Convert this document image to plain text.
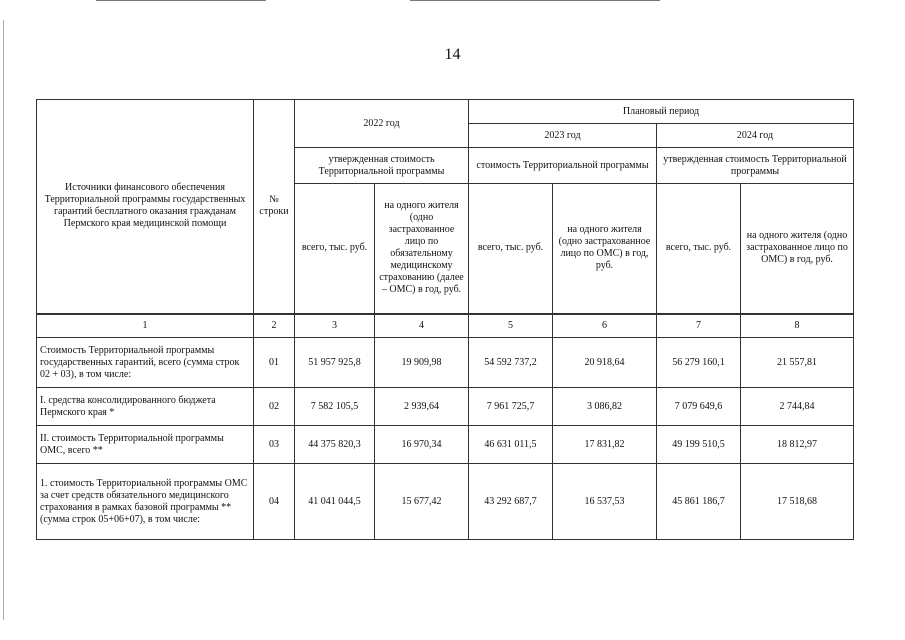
14
Источники финансового обеспечения Территориальной программы государственных гарантий бесплатного оказания гражданам Пермского края медицинской помощи	№ строки	2022 год		Плановый период			
				2023 год		2024 год	
		утвержденная стоимость Территориальной программы		стоимость Территориальной программы		утвержденная стоимость Территориальной программы	
		всего, тыс. руб.	на одного жителя (одно застрахованное лицо по обязательному медицинскому страхованию (далее – ОМС) в год, руб.	всего, тыс. руб.	на одного жителя (одно застрахованное лицо по ОМС) в год, руб.	всего, тыс. руб.	на одного жителя (одно застрахованное лицо по ОМС) в год, руб.
1	2	3	4	5	6	7	8
Стоимость Территориальной программы государственных гарантий, всего (сумма строк 02 + 03), в том числе:	01	51 957 925,8	19 909,98	54 592 737,2	20 918,64	56 279 160,1	21 557,81
I. средства консолидированного бюджета Пермского края *	02	7 582 105,5	2 939,64	7 961 725,7	3 086,82	7 079 649,6	2 744,84
II. стоимость Территориальной программы ОМС, всего **	03	44 375 820,3	16 970,34	46 631 011,5	17 831,82	49 199 510,5	18 812,97
1. стоимость Территориальной программы ОМС за счет средств обязательного медицинского страхования в рамках базовой программы ** (сумма строк 05+06+07), в том числе:	04	41 041 044,5	15 677,42	43 292 687,7	16 537,53	45 861 186,7	17 518,68
